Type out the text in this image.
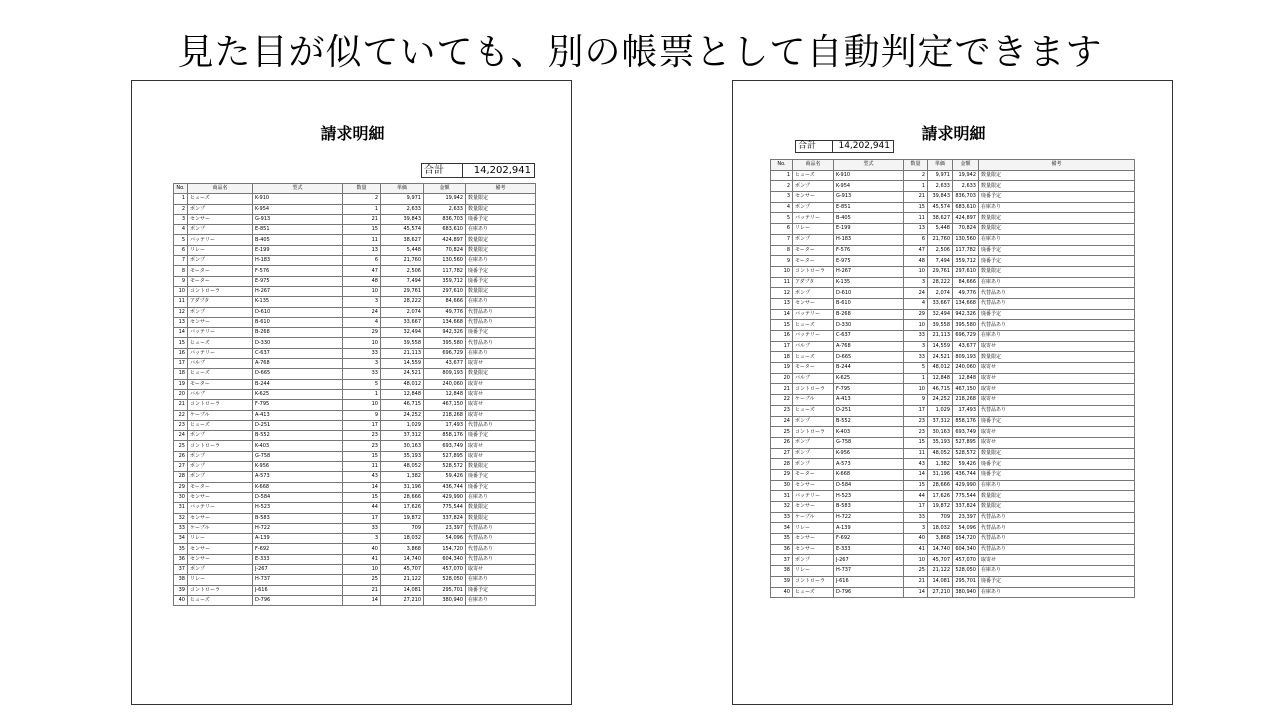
見た目が似ていても、別の帳票として自動判定できます
請求明細
合計	14,202,941
No.	商品名	型式	数量	単価	金額	備考
1	ヒューズ	K-910	2	9,971	19,942	数量限定
2	ポンプ	K-954	1	2,633	2,633	数量限定
3	センサー	G-913	21	39,843	836,703	廃番予定
4	ポンプ	E-851	15	45,574	683,610	在庫あり
5	バッテリー	B-405	11	38,627	424,897	数量限定
6	リレー	E-199	13	5,448	70,824	数量限定
7	ポンプ	H-183	6	21,760	130,560	在庫あり
8	モーター	F-576	47	2,506	117,782	廃番予定
9	モーター	E-975	48	7,494	359,712	廃番予定
10	コントローラ	H-267	10	29,761	297,610	数量限定
11	アダプタ	K-135	3	28,222	84,666	在庫あり
12	ポンプ	D-610	24	2,074	49,776	代替品あり
13	センサー	B-610	4	33,667	134,668	代替品あり
14	バッテリー	B-268	29	32,494	942,326	廃番予定
15	ヒューズ	D-330	10	39,558	395,580	代替品あり
16	バッテリー	C-637	33	21,113	696,729	在庫あり
17	バルブ	A-768	3	14,559	43,677	取寄せ
18	ヒューズ	D-665	33	24,521	809,193	数量限定
19	モーター	B-244	5	48,012	240,060	取寄せ
20	バルブ	K-625	1	12,848	12,848	取寄せ
21	コントローラ	F-795	10	46,715	467,150	取寄せ
22	ケーブル	A-413	9	24,252	218,268	取寄せ
23	ヒューズ	D-251	17	1,029	17,493	代替品あり
24	ポンプ	B-552	23	37,312	858,176	廃番予定
25	コントローラ	K-403	23	30,163	693,749	取寄せ
26	ポンプ	G-758	15	35,193	527,895	取寄せ
27	ポンプ	K-956	11	48,052	528,572	数量限定
28	ポンプ	A-573	43	1,382	59,426	廃番予定
29	モーター	K-668	14	31,196	436,744	廃番予定
30	センサー	D-584	15	28,666	429,990	在庫あり
31	バッテリー	H-523	44	17,626	775,544	数量限定
32	センサー	B-583	17	19,872	337,824	数量限定
33	ケーブル	H-722	33	709	23,397	代替品あり
34	リレー	A-139	3	18,032	54,096	代替品あり
35	センサー	F-692	40	3,868	154,720	代替品あり
36	センサー	E-333	41	14,740	604,340	代替品あり
37	ポンプ	J-267	10	45,707	457,070	取寄せ
38	リレー	H-737	25	21,122	528,050	在庫あり
39	コントローラ	J-616	21	14,081	295,701	廃番予定
40	ヒューズ	D-796	14	27,210	380,940	在庫あり
請求明細
合計	14,202,941
No.	商品名	型式	数量	単価	金額	備考
1	ヒューズ	K-910	2	9,971	19,942	数量限定
2	ポンプ	K-954	1	2,633	2,633	数量限定
3	センサー	G-913	21	39,843	836,703	廃番予定
4	ポンプ	E-851	15	45,574	683,610	在庫あり
5	バッテリー	B-405	11	38,627	424,897	数量限定
6	リレー	E-199	13	5,448	70,824	数量限定
7	ポンプ	H-183	6	21,760	130,560	在庫あり
8	モーター	F-576	47	2,506	117,782	廃番予定
9	モーター	E-975	48	7,494	359,712	廃番予定
10	コントローラ	H-267	10	29,761	297,610	数量限定
11	アダプタ	K-135	3	28,222	84,666	在庫あり
12	ポンプ	D-610	24	2,074	49,776	代替品あり
13	センサー	B-610	4	33,667	134,668	代替品あり
14	バッテリー	B-268	29	32,494	942,326	廃番予定
15	ヒューズ	D-330	10	39,558	395,580	代替品あり
16	バッテリー	C-637	33	21,113	696,729	在庫あり
17	バルブ	A-768	3	14,559	43,677	取寄せ
18	ヒューズ	D-665	33	24,521	809,193	数量限定
19	モーター	B-244	5	48,012	240,060	取寄せ
20	バルブ	K-625	1	12,848	12,848	取寄せ
21	コントローラ	F-795	10	46,715	467,150	取寄せ
22	ケーブル	A-413	9	24,252	218,268	取寄せ
23	ヒューズ	D-251	17	1,029	17,493	代替品あり
24	ポンプ	B-552	23	37,312	858,176	廃番予定
25	コントローラ	K-403	23	30,163	693,749	取寄せ
26	ポンプ	G-758	15	35,193	527,895	取寄せ
27	ポンプ	K-956	11	48,052	528,572	数量限定
28	ポンプ	A-573	43	1,382	59,426	廃番予定
29	モーター	K-668	14	31,196	436,744	廃番予定
30	センサー	D-584	15	28,666	429,990	在庫あり
31	バッテリー	H-523	44	17,626	775,544	数量限定
32	センサー	B-583	17	19,872	337,824	数量限定
33	ケーブル	H-722	33	709	23,397	代替品あり
34	リレー	A-139	3	18,032	54,096	代替品あり
35	センサー	F-692	40	3,868	154,720	代替品あり
36	センサー	E-333	41	14,740	604,340	代替品あり
37	ポンプ	J-267	10	45,707	457,070	取寄せ
38	リレー	H-737	25	21,122	528,050	在庫あり
39	コントローラ	J-616	21	14,081	295,701	廃番予定
40	ヒューズ	D-796	14	27,210	380,940	在庫あり
